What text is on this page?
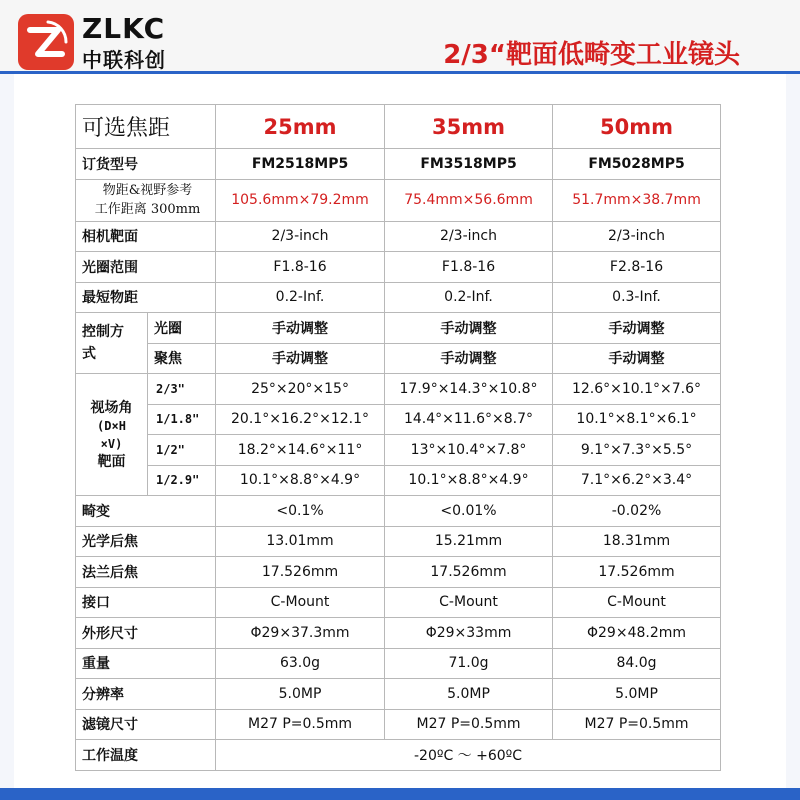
ZLKC
中联科创	2/3“靶面低畸变工业镜头
可选焦距		25mm	35mm	50mm
订货型号		FM2518MP5	FM3518MP5	FM5028MP5

物距&视野参考
工作距离 300mm		105.6mm×79.2mm	75.4mm×56.6mm	51.7mm×38.7mm
相机靶面		2/3-inch	2/3-inch	2/3-inch
光圈范围		F1.8-16	F1.8-16	F2.8-16
最短物距		0.2-Inf.	0.2-Inf.	0.3-Inf.

控制方
式	光圈	手动调整	手动调整	手动调整
	聚焦	手动调整	手动调整	手动调整

视场角
(D×H
×V)
靶面	2/3"	25°×20°×15°	17.9°×14.3°×10.8°	12.6°×10.1°×7.6°
	1/1.8"	20.1°×16.2°×12.1°	14.4°×11.6°×8.7°	10.1°×8.1°×6.1°
	1/2"	18.2°×14.6°×11°	13°×10.4°×7.8°	9.1°×7.3°×5.5°
	1/2.9"	10.1°×8.8°×4.9°	10.1°×8.8°×4.9°	7.1°×6.2°×3.4°
畸变		<0.1%	<0.01%	-0.02%
光学后焦		13.01mm	15.21mm	18.31mm
法兰后焦		17.526mm	17.526mm	17.526mm
接口		C-Mount	C-Mount	C-Mount
外形尺寸		Φ29×37.3mm	Φ29×33mm	Φ29×48.2mm
重量		63.0g	71.0g	84.0g
分辨率		5.0MP	5.0MP	5.0MP
滤镜尺寸		M27 P=0.5mm	M27 P=0.5mm	M27 P=0.5mm
工作温度		-20ºC ～ +60ºC		
